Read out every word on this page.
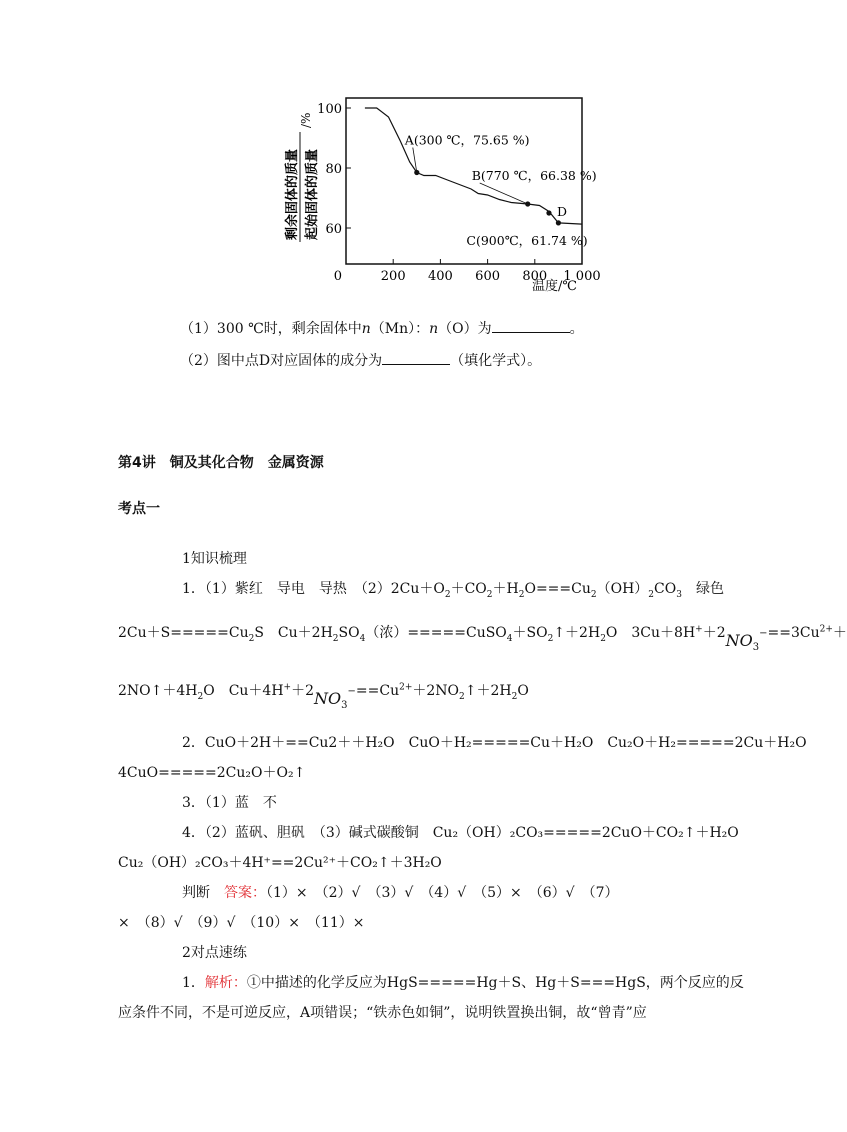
100
80
60
0	200 400 600 800 1 000
A(300 ℃，75.65 %)
B(770 ℃，66.38 %)
D
C(900℃，61.74 %)
剩余固体的质量 起始固体的质量
/%
温度/℃
（1）300 ℃时，剩余固体中n（Mn）：n（O）为	。
（2）图中点D对应固体的成分为	（填化学式）。
第4讲　铜及其化合物　金属资源
考点一
1知识梳理
1．（1）紫红　导电　导热　$(2)2Cu+O_2+CO_2+H_2O===Cu_2(OH)_2CO_3$　绿色
$2Cu+S=====Cu_2S$　$Cu+2H_2SO_4$（浓）$=====CuSO_4+SO_2↑+2H_2O$　$3Cu+8H^++2NO_3^-==3Cu^{2+}+$
$2NO↑+4H_2O$　$Cu+4H^++2NO_3^-==Cu^{2+}+2NO_2↑+2H_2O$
2．CuO＋2H＋==Cu2＋＋H₂O　CuO＋H₂=====Cu＋H₂O　Cu₂O＋H₂=====2Cu＋H₂O
4CuO=====2Cu₂O＋O₂↑
3．（1）蓝　不
4．（2）蓝矾、胆矾　（3）碱式碳酸铜　Cu₂（OH）₂CO₃=====2CuO＋CO₂↑＋H₂O
Cu₂（OH）₂CO₃＋4H⁺==2Cu²⁺＋CO₂↑＋3H₂O
判断　 答案：（1）×　（2）√　（3）√　（4）√　（5）×　（6）√　（7）
×　（8）√　（9）√　（10）×　（11）×
2对点速练
1．解析：①中描述的化学反应为HgS=====Hg＋S、Hg＋S===HgS，两个反应的反
应条件不同，不是可逆反应，A项错误；“铁赤色如铜”，说明铁置换出铜，故“曾青”应
